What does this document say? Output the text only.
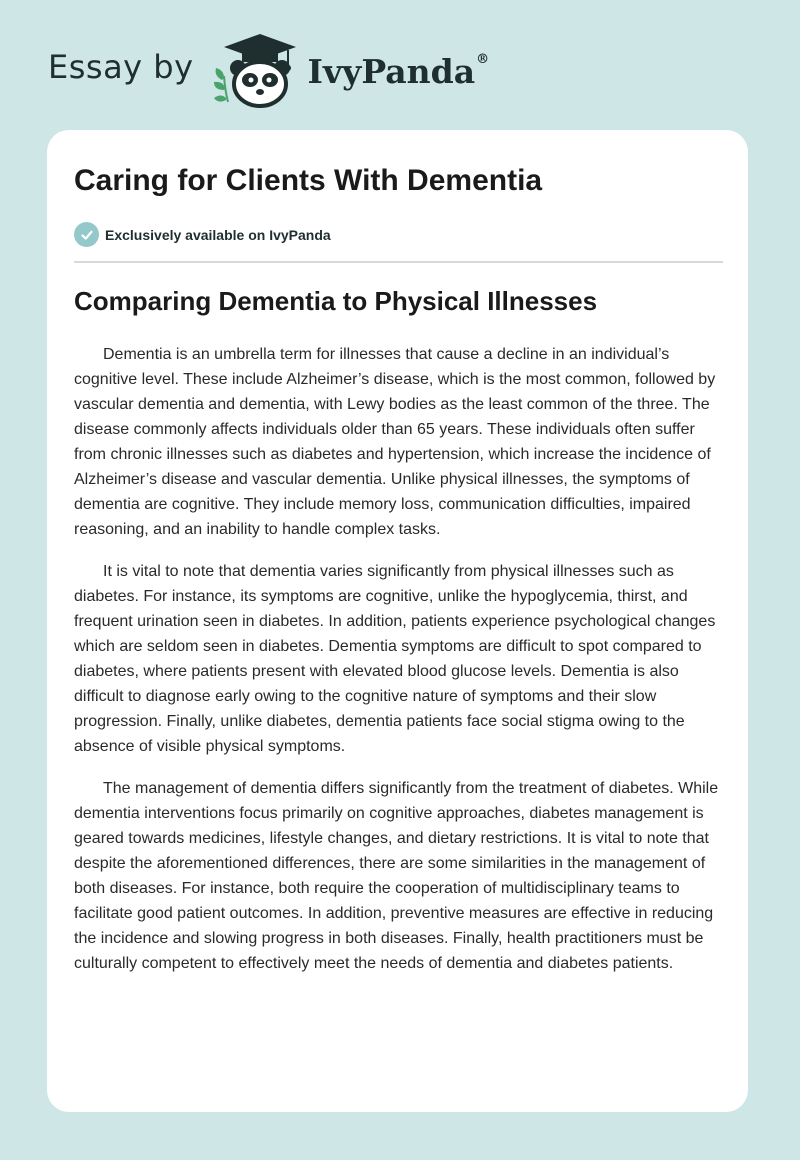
Essay by	IvyPanda®
Caring for Clients With Dementia
Exclusively available on IvyPanda
Comparing Dementia to Physical Illnesses

Dementia is an umbrella term for illnesses that cause a decline in an individual’s cognitive level. These include Alzheimer’s disease, which is the most common, followed by vascular dementia and dementia, with Lewy bodies as the least common of the three. The disease commonly affects individuals older than 65 years. These individuals often suffer from chronic illnesses such as diabetes and hypertension, which increase the incidence of Alzheimer’s disease and vascular dementia. Unlike physical illnesses, the symptoms of dementia are cognitive. They include memory loss, communication difficulties, impaired reasoning, and an inability to handle complex tasks.

It is vital to note that dementia varies significantly from physical illnesses such as diabetes. For instance, its symptoms are cognitive, unlike the hypoglycemia, thirst, and frequent urination seen in diabetes. In addition, patients experience psychological changes which are seldom seen in diabetes. Dementia symptoms are difficult to spot compared to diabetes, where patients present with elevated blood glucose levels. Dementia is also difficult to diagnose early owing to the cognitive nature of symptoms and their slow progression. Finally, unlike diabetes, dementia patients face social stigma owing to the absence of visible physical symptoms.

The management of dementia differs significantly from the treatment of diabetes. While dementia interventions focus primarily on cognitive approaches, diabetes management is geared towards medicines, lifestyle changes, and dietary restrictions. It is vital to note that despite the aforementioned differences, there are some similarities in the management of both diseases. For instance, both require the cooperation of multidisciplinary teams to facilitate good patient outcomes. In addition, preventive measures are effective in reducing the incidence and slowing progress in both diseases. Finally, health practitioners must be culturally competent to effectively meet the needs of dementia and diabetes patients.
